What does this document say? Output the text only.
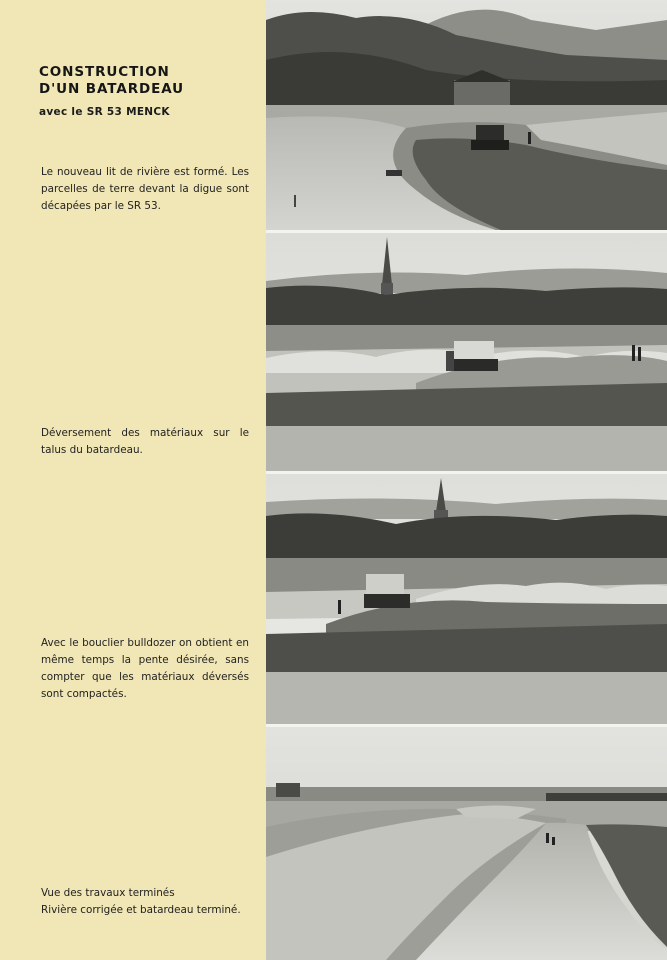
CONSTRUCTION
D'UN BATARDEAU
avec le SR 53 MENCK
Le nouveau lit de rivière est formé. Les parcelles de terre devant la digue sont décapées par le SR 53.
Déversement des matériaux sur le talus du batardeau.
Avec le bouclier bulldozer on obtient en même temps la pente désirée, sans compter que les matériaux déversés sont compactés.
Vue des travaux terminés
Rivière corrigée et batardeau terminé.
